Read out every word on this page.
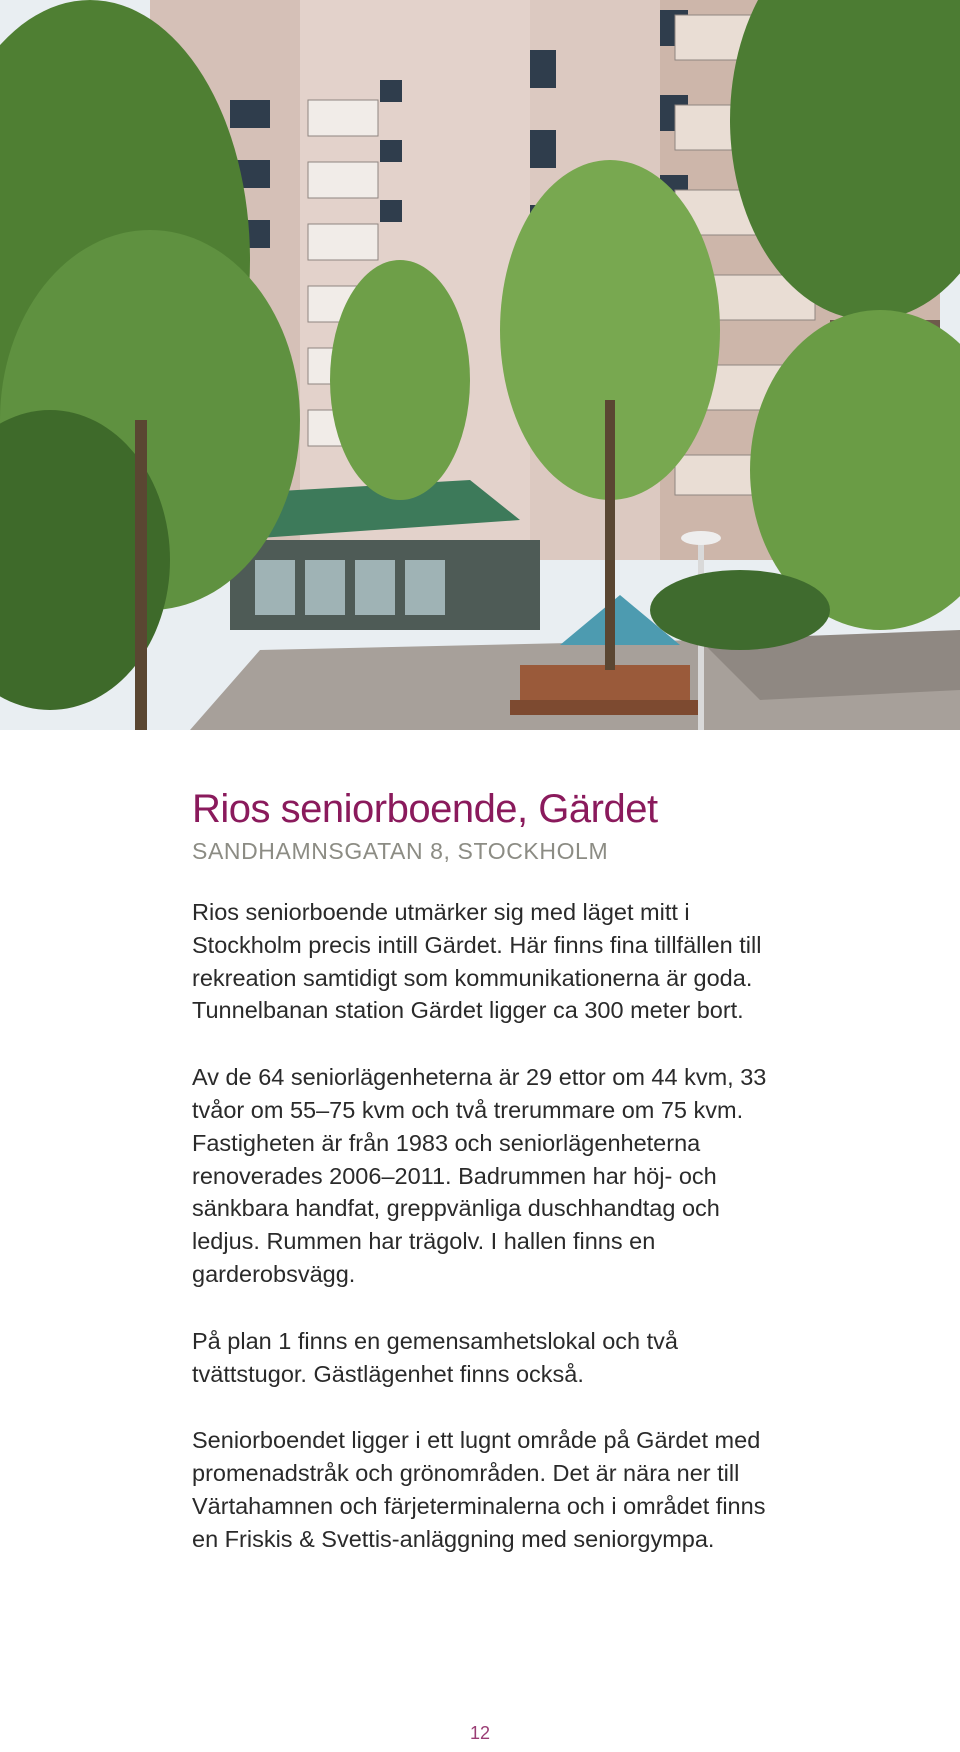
Rios seniorboende, Gärdet
SANDHAMNSGATAN 8, STOCKHOLM

Rios seniorboende utmärker sig med läget mitt i Stockholm precis intill Gärdet. Här finns fina tillfällen till rekreation samtidigt som kommunikationerna är goda. Tunnelbanan station Gärdet ligger ca 300 meter bort.

Av de 64 seniorlägenheterna är 29 ettor om 44 kvm, 33 tvåor om 55–75 kvm och två trerummare om 75 kvm. Fastigheten är från 1983 och seniorlägenheterna renoverades 2006–2011. Badrummen har höj- och sänkbara handfat, greppvänliga duschhandtag och ledjus. Rummen har trägolv. I hallen finns en garderobsvägg.

På plan 1 finns en gemensamhetslokal och två tvättstugor. Gästlägenhet finns också.

Seniorboendet ligger i ett lugnt område på Gärdet med promenadstråk och grönområden. Det är nära ner till Värtahamnen och färjeterminalerna och i området finns en Friskis & Svettis-anläggning med seniorgympa.

12
